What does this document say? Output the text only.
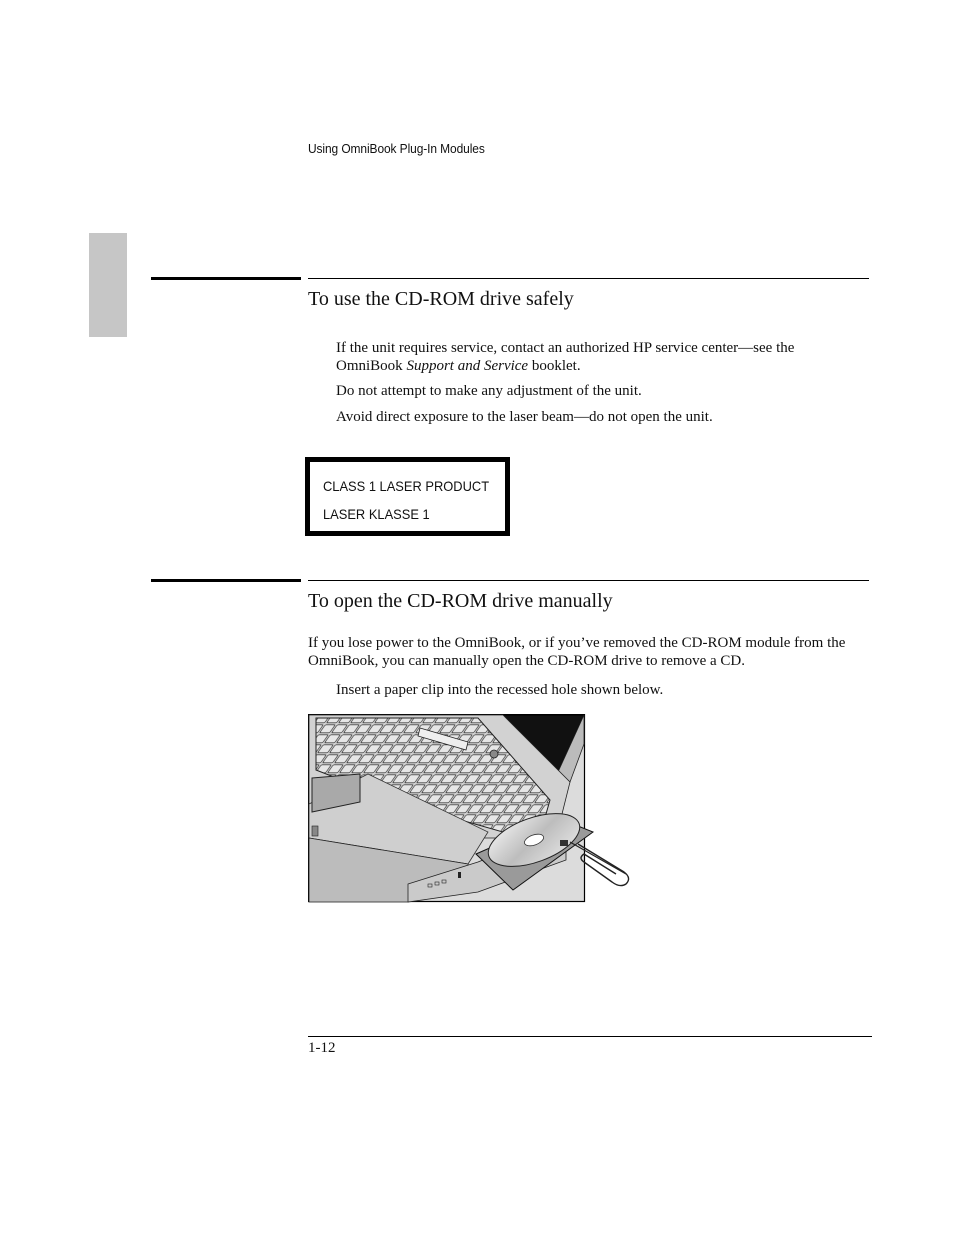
Using OmniBook Plug-In Modules
To use the CD-ROM drive safely

If the unit requires service, contact an authorized HP service center—see the OmniBook Support and Service booklet.

Do not attempt to make any adjustment of the unit.

Avoid direct exposure to the laser beam—do not open the unit.

CLASS 1 LASER PRODUCT
LASER KLASSE 1
To open the CD-ROM drive manually

If you lose power to the OmniBook, or if you’ve removed the CD-ROM module from the OmniBook, you can manually open the CD-ROM drive to remove a CD.

Insert a paper clip into the recessed hole shown below.

1-12
